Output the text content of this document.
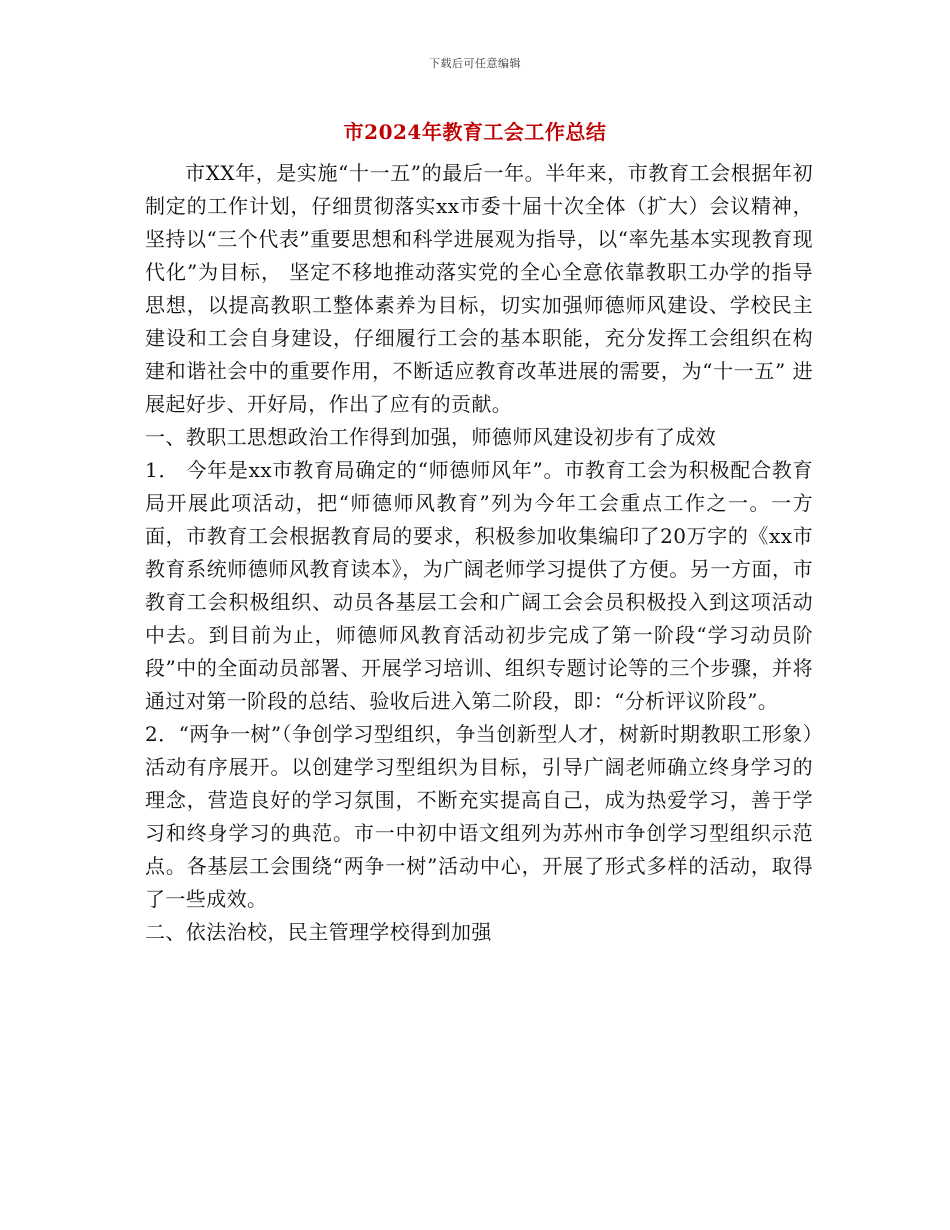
下载后可任意编辑
市2024年教育工会工作总结

市XX年，是实施“十一五”的最后一年。半年来，市教育工会根据年初制定的工作计划，仔细贯彻落实xx市委十届十次全体（扩大）会议精神，坚持以“三个代表”重要思想和科学进展观为指导，以“率先基本实现教育现代化”为目标， 坚定不移地推动落实党的全心全意依靠教职工办学的指导思想，以提高教职工整体素养为目标，切实加强师德师风建设、学校民主建设和工会自身建设，仔细履行工会的基本职能，充分发挥工会组织在构建和谐社会中的重要作用，不断适应教育改革进展的需要，为“十一五” 进展起好步、开好局，作出了应有的贡献。

一、教职工思想政治工作得到加强，师德师风建设初步有了成效

1． 今年是xx市教育局确定的“师德师风年”。市教育工会为积极配合教育局开展此项活动，把“师德师风教育”列为今年工会重点工作之一。一方面，市教育工会根据教育局的要求，积极参加收集编印了20万字的《xx市教育系统师德师风教育读本》，为广阔老师学习提供了方便。另一方面，市教育工会积极组织、动员各基层工会和广阔工会会员积极投入到这项活动中去。到目前为止，师德师风教育活动初步完成了第一阶段“学习动员阶段”中的全面动员部署、开展学习培训、组织专题讨论等的三个步骤，并将通过对第一阶段的总结、验收后进入第二阶段，即：“分析评议阶段”。

2．“两争一树”（争创学习型组织，争当创新型人才，树新时期教职工形象）活动有序展开。以创建学习型组织为目标，引导广阔老师确立终身学习的理念，营造良好的学习氛围，不断充实提高自己，成为热爱学习，善于学习和终身学习的典范。市一中初中语文组列为苏州市争创学习型组织示范点。各基层工会围绕“两争一树”活动中心，开展了形式多样的活动，取得了一些成效。

二、依法治校，民主管理学校得到加强
